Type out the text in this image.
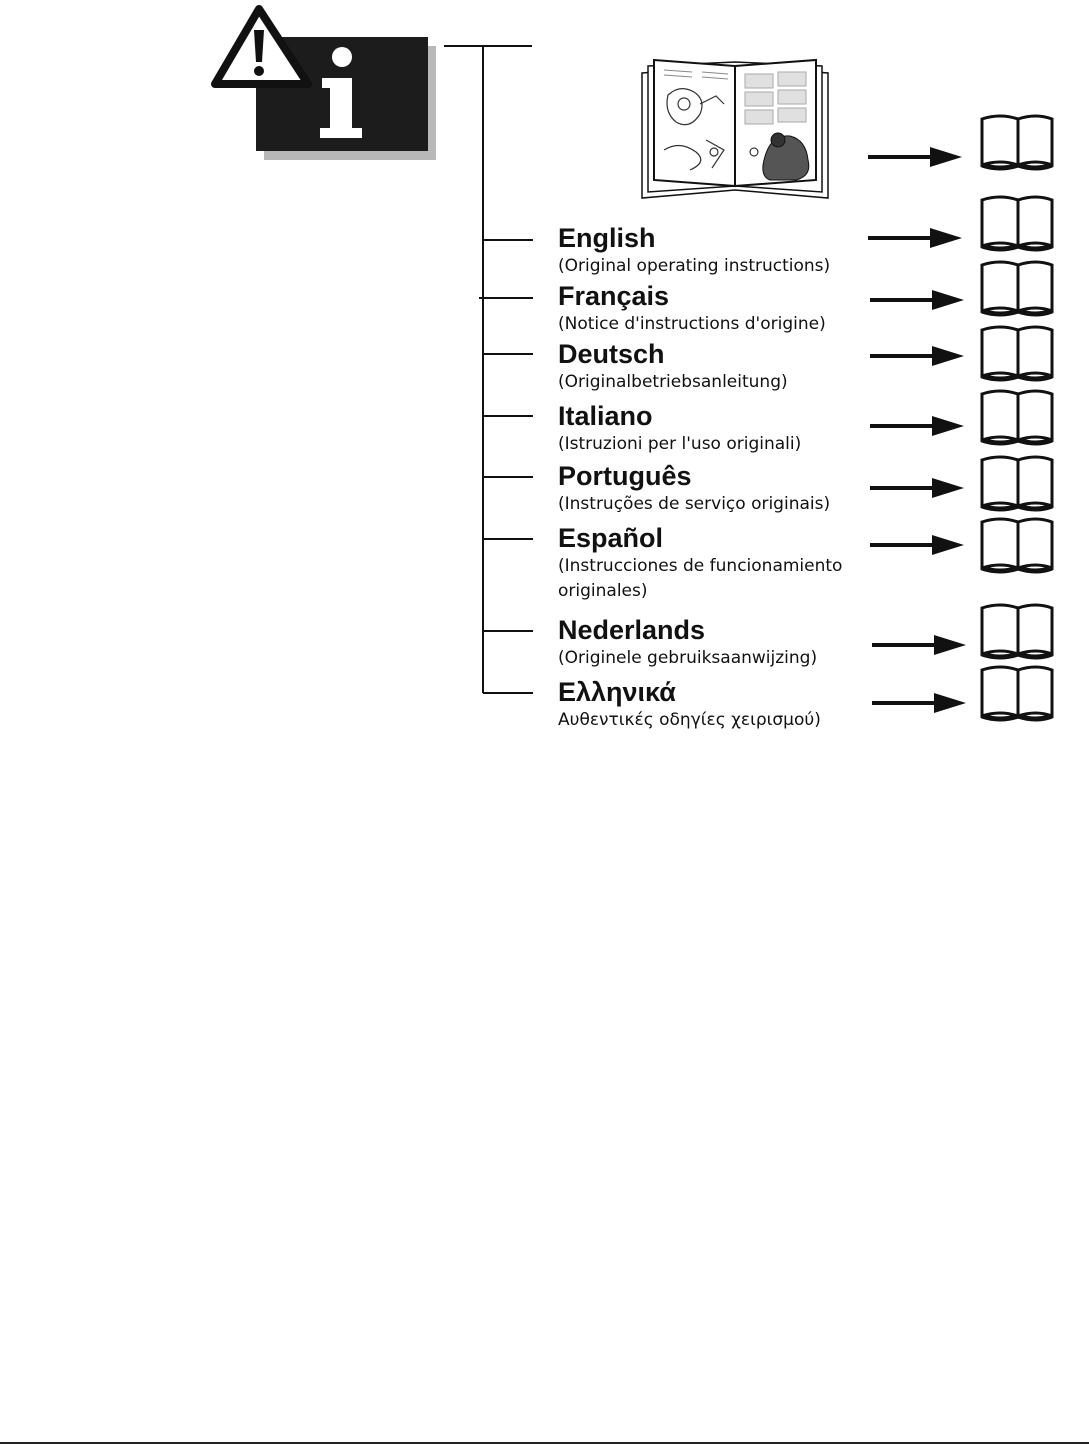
English
(Original operating instructions)
Français
(Notice d'instructions d'origine)
Deutsch
(Originalbetriebsanleitung)
Italiano
(Istruzioni per l'uso originali)
Português
(Instruções de serviço originais)
Español
(Instrucciones de funcionamiento originales)
Nederlands
(Originele gebruiksaanwijzing)
Ελληνικά
Αυθεντικές οδηγίες χειρισμού)
